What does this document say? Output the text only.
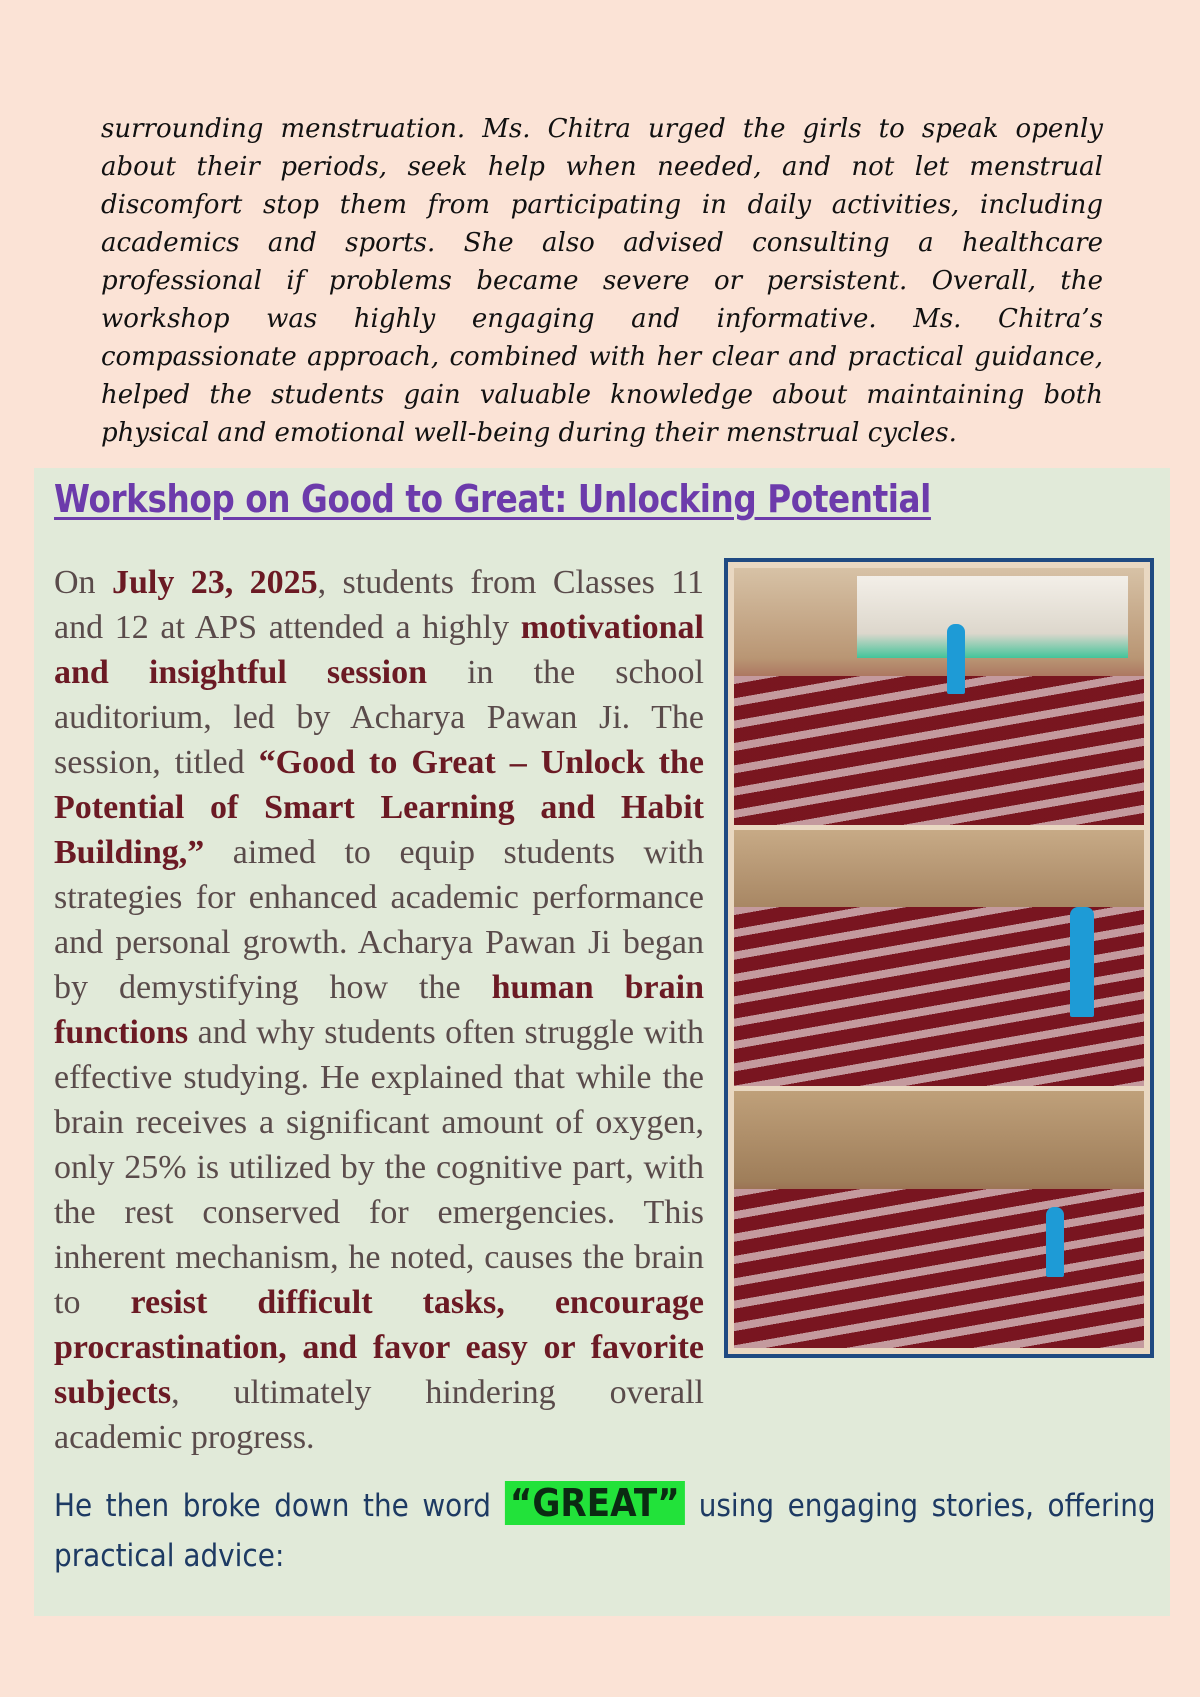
surrounding menstruation. Ms. Chitra urged the girls to speak openly about their periods, seek help when needed, and not let menstrual discomfort stop them from participating in daily activities, including academics and sports. She also advised consulting a healthcare professional if problems became severe or persistent. Overall, the workshop was highly engaging and informative. Ms. Chitra’s compassionate approach, combined with her clear and practical guidance, helped the students gain valuable knowledge about maintaining both physical and emotional well-being during their menstrual cycles.

Workshop on Good to Great: Unlocking Potential

On July 23, 2025, students from Classes 11 and 12 at APS attended a highly motivational and insightful session in the school auditorium, led by Acharya Pawan Ji. The session, titled “Good to Great – Unlock the Potential of Smart Learning and Habit Building,” aimed to equip students with strategies for enhanced academic performance and personal growth. Acharya Pawan Ji began by demystifying how the human brain functions and why students often struggle with effective studying. He explained that while the brain receives a significant amount of oxygen, only 25% is utilized by the cognitive part, with the rest conserved for emergencies. This inherent mechanism, he noted, causes the brain to resist difficult tasks, encourage procrastination, and favor easy or favorite subjects, ultimately hindering overall academic progress.

He then broke down the word “GREAT” using engaging stories, offering practical advice:
